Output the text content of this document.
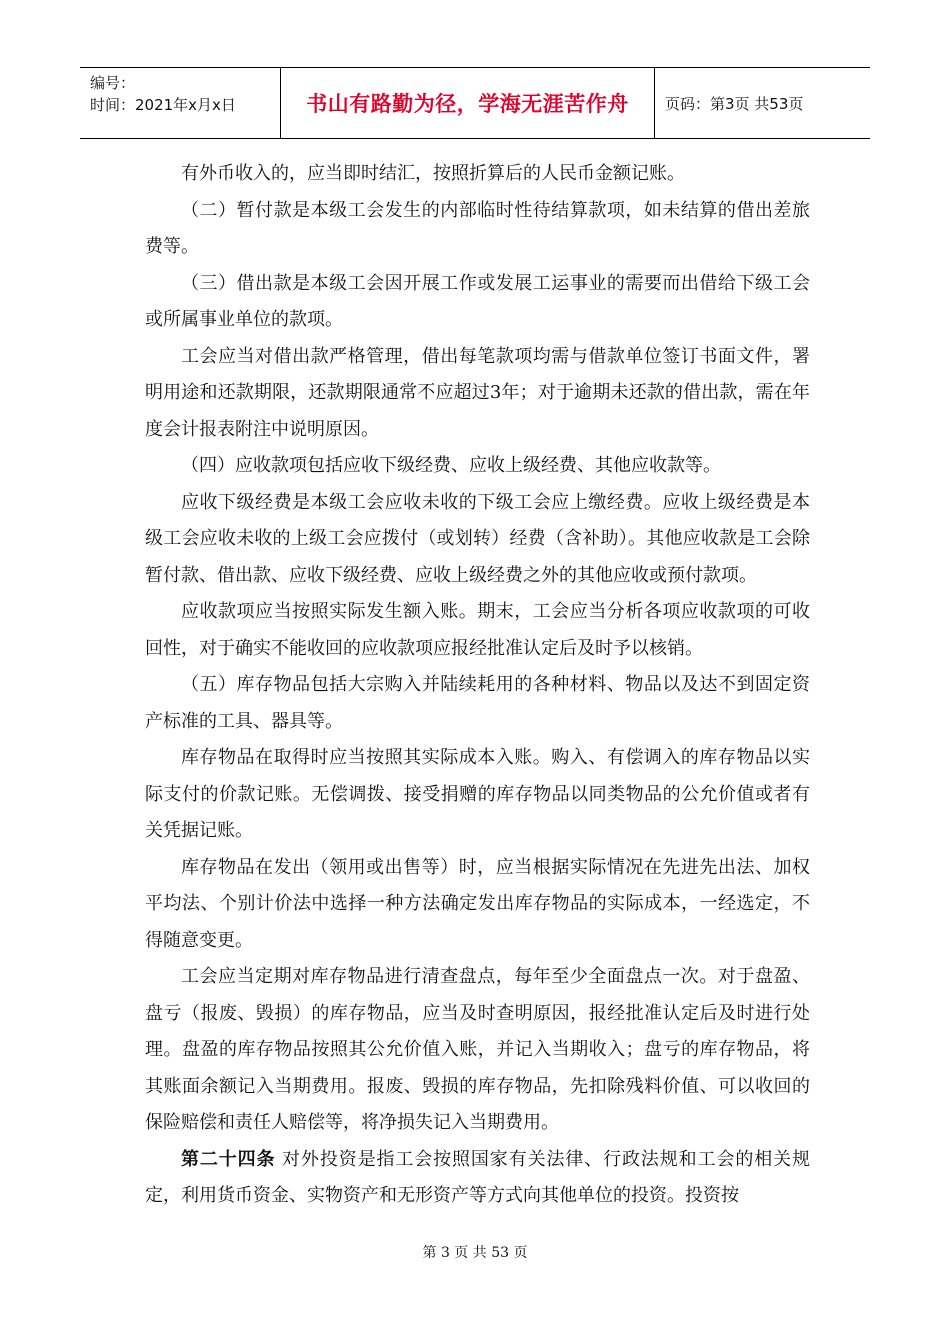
编号：
时间：2021年x月x日	书山有路勤为径，学海无涯苦作舟 页码：第3页 共53页

有外币收入的，应当即时结汇，按照折算后的人民币金额记账。

（二）暂付款是本级工会发生的内部临时性待结算款项，如未结算的借出差旅费等。

（三）借出款是本级工会因开展工作或发展工运事业的需要而出借给下级工会或所属事业单位的款项。

工会应当对借出款严格管理，借出每笔款项均需与借款单位签订书面文件，署明用途和还款期限，还款期限通常不应超过3年；对于逾期未还款的借出款，需在年度会计报表附注中说明原因。

（四）应收款项包括应收下级经费、应收上级经费、其他应收款等。

应收下级经费是本级工会应收未收的下级工会应上缴经费。应收上级经费是本级工会应收未收的上级工会应拨付（或划转）经费（含补助）。其他应收款是工会除暂付款、借出款、应收下级经费、应收上级经费之外的其他应收或预付款项。

应收款项应当按照实际发生额入账。期末，工会应当分析各项应收款项的可收回性，对于确实不能收回的应收款项应报经批准认定后及时予以核销。

（五）库存物品包括大宗购入并陆续耗用的各种材料、物品以及达不到固定资产标准的工具、器具等。

库存物品在取得时应当按照其实际成本入账。购入、有偿调入的库存物品以实际支付的价款记账。无偿调拨、接受捐赠的库存物品以同类物品的公允价值或者有关凭据记账。

库存物品在发出（领用或出售等）时，应当根据实际情况在先进先出法、加权平均法、个别计价法中选择一种方法确定发出库存物品的实际成本，一经选定，不得随意变更。

工会应当定期对库存物品进行清查盘点，每年至少全面盘点一次。对于盘盈、盘亏（报废、毁损）的库存物品，应当及时查明原因，报经批准认定后及时进行处理。盘盈的库存物品按照其公允价值入账，并记入当期收入；盘亏的库存物品，将其账面余额记入当期费用。报废、毁损的库存物品，先扣除残料价值、可以收回的保险赔偿和责任人赔偿等，将净损失记入当期费用。

第二十四条 对外投资是指工会按照国家有关法律、行政法规和工会的相关规定，利用货币资金、实物资产和无形资产等方式向其他单位的投资。投资按

第 3 页 共 53 页
